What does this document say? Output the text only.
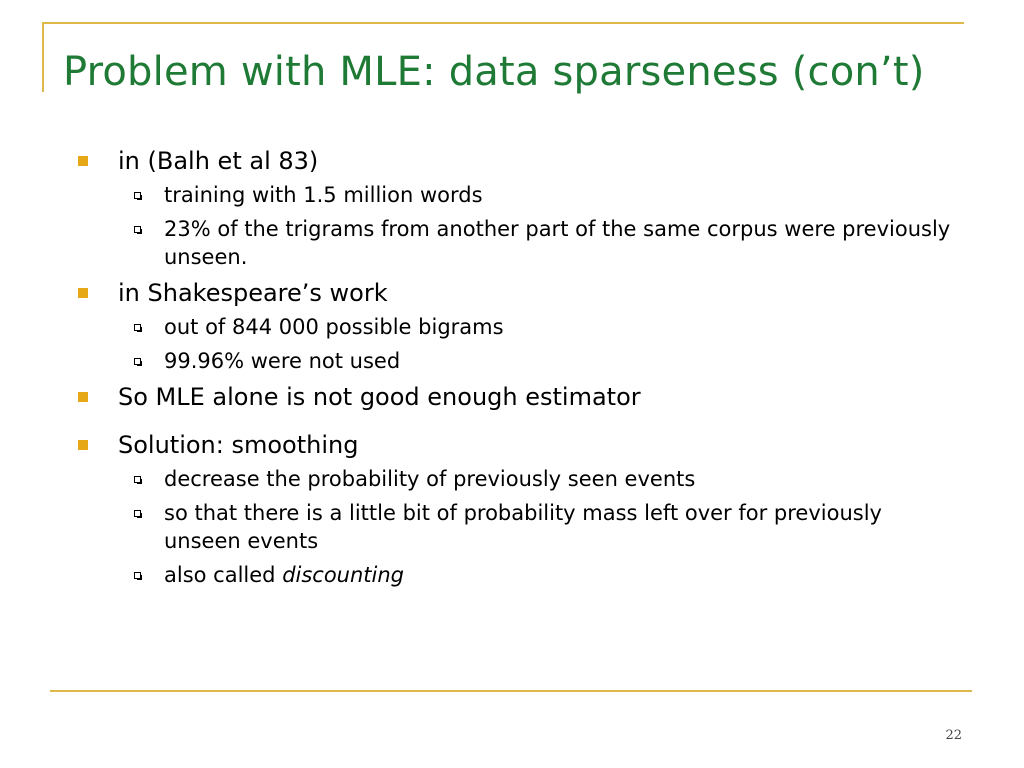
Problem with MLE: data sparseness (con’t)
in (Balh et al 83)
training with 1.5 million words
23% of the trigrams from another part of the same corpus were previously unseen.
in Shakespeare’s work
out of 844 000 possible bigrams
99.96% were not used
So MLE alone is not good enough estimator
Solution: smoothing
decrease the probability of previously seen events
so that there is a little bit of probability mass left over for previously unseen events
also called discounting
22
